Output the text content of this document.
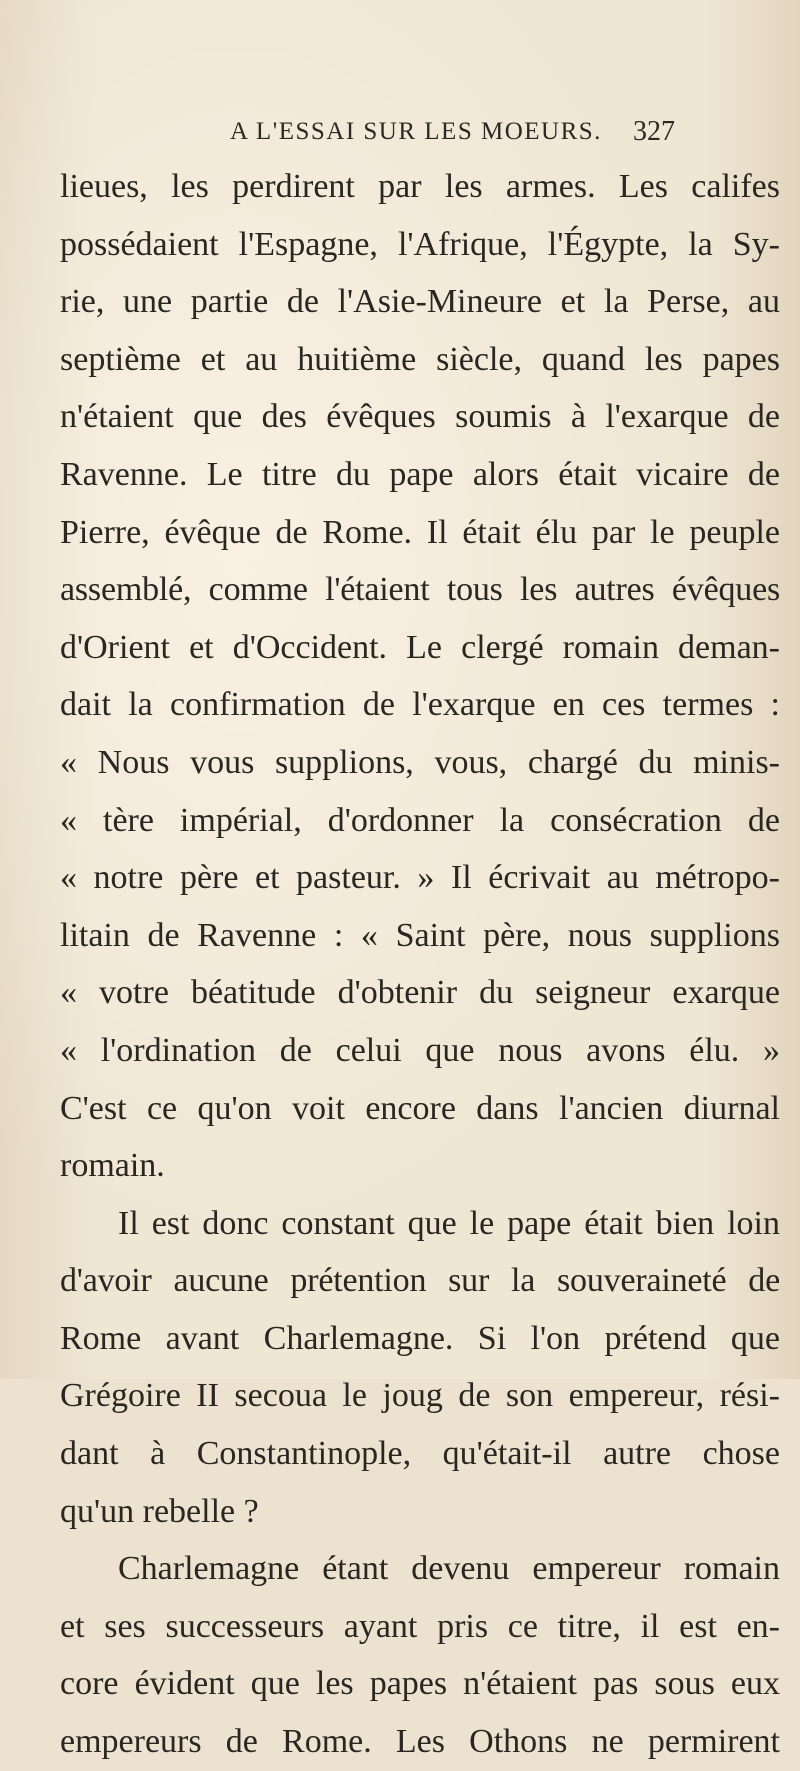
A L'ESSAI SUR LES MOEURS. 327
lieues, les perdirent par les armes. Les califes
possédaient l'Espagne, l'Afrique, l'Égypte, la Sy-
rie, une partie de l'Asie-Mineure et la Perse, au
septième et au huitième siècle, quand les papes
n'étaient que des évêques soumis à l'exarque de
Ravenne. Le titre du pape alors était vicaire de
Pierre, évêque de Rome. Il était élu par le peuple
assemblé, comme l'étaient tous les autres évêques
d'Orient et d'Occident. Le clergé romain deman-
dait la confirmation de l'exarque en ces termes :
« Nous vous supplions, vous, chargé du minis-
« tère impérial, d'ordonner la consécration de
« notre père et pasteur. » Il écrivait au métropo-
litain de Ravenne : « Saint père, nous supplions
« votre béatitude d'obtenir du seigneur exarque
« l'ordination de celui que nous avons élu. »
C'est ce qu'on voit encore dans l'ancien diurnal
romain.
Il est donc constant que le pape était bien loin
d'avoir aucune prétention sur la souveraineté de
Rome avant Charlemagne. Si l'on prétend que
Grégoire II secoua le joug de son empereur, rési-
dant à Constantinople, qu'était-il autre chose
qu'un rebelle ?
Charlemagne étant devenu empereur romain
et ses successeurs ayant pris ce titre, il est en-
core évident que les papes n'étaient pas sous eux
empereurs de Rome. Les Othons ne permirent
